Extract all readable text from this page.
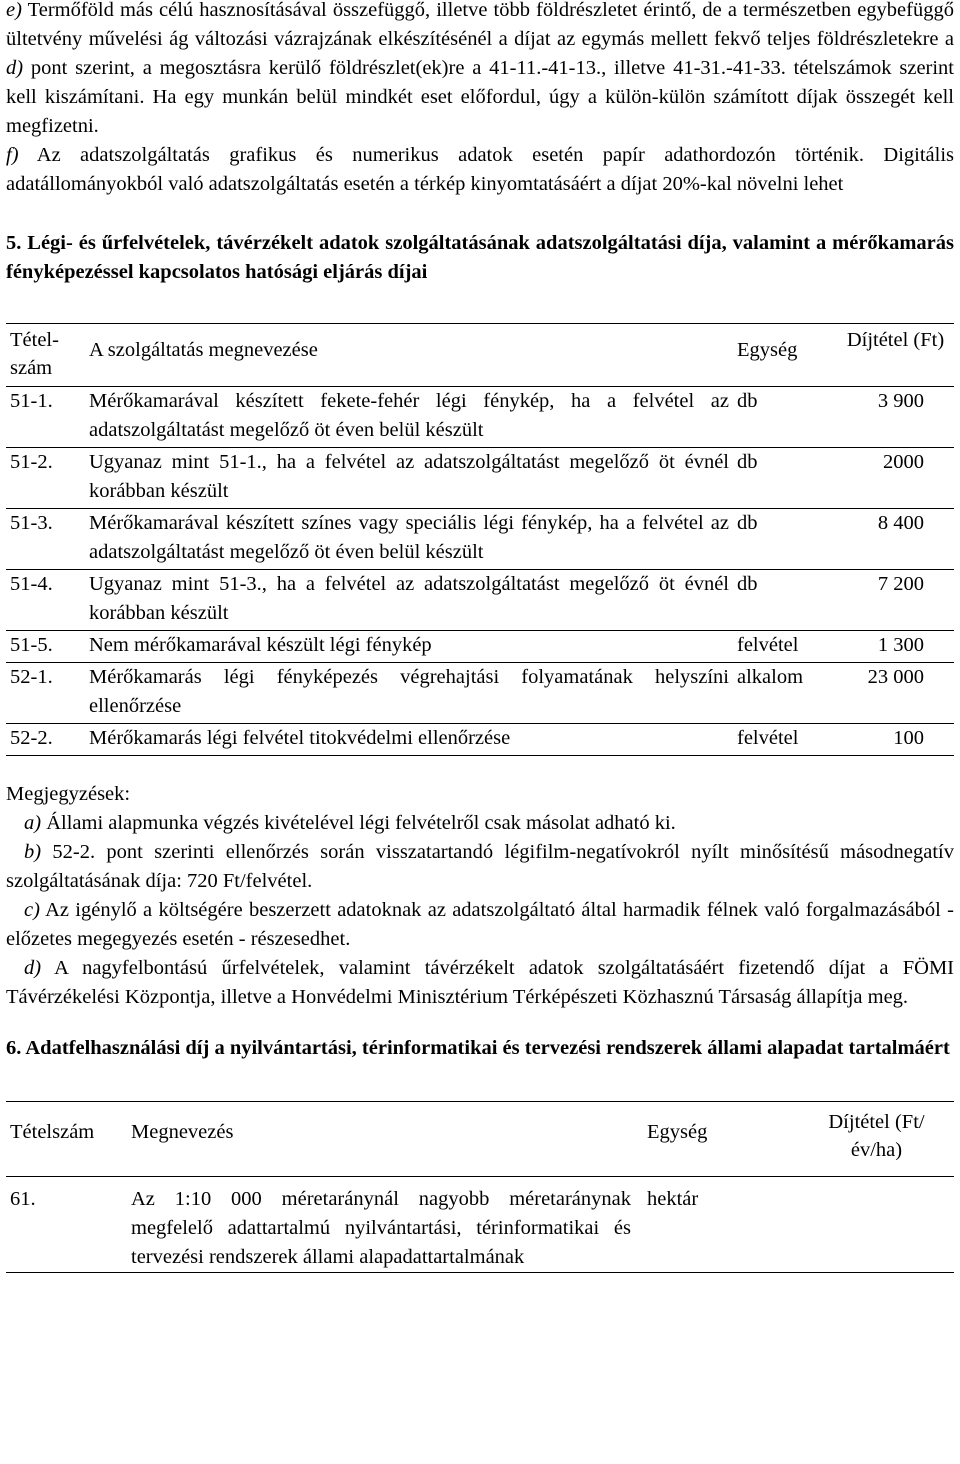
e) Termőföld más célú hasznosításával összefüggő, illetve több földrészletet érintő, de a természetben egybefüggő ültetvény művelési ág változási vázrajzának elkészítésénél a díjat az egymás mellett fekvő teljes földrészletekre a d) pont szerint, a megosztásra kerülő földrészlet(ek)re a 41-11.-41-13., illetve 41-31.-41-33. tételszámok szerint kell kiszámítani. Ha egy munkán belül mindkét eset előfordul, úgy a külön-külön számított díjak összegét kell megfizetni.

f) Az adatszolgáltatás grafikus és numerikus adatok esetén papír adathordozón történik. Digitális adatállományokból való adatszolgáltatás esetén a térkép kinyomtatásáért a díjat 20%-kal növelni lehet

5. Légi- és űrfelvételek, távérzékelt adatok szolgáltatásának adatszolgáltatási díja, valamint a mérőkamarás fényképezéssel kapcsolatos hatósági eljárás díjai

Tétel-szám	A szolgáltatás megnevezése	Egység	Díjtétel (Ft)
51-1.	Mérőkamarával készített fekete-fehér légi fénykép, ha a felvétel az adatszolgáltatást megelőző öt éven belül készült	db	3 900
51-2.	Ugyanaz mint 51-1., ha a felvétel az adatszolgáltatást megelőző öt évnél korábban készült	db	2000
51-3.	Mérőkamarával készített színes vagy speciális légi fénykép, ha a felvétel az adatszolgáltatást megelőző öt éven belül készült	db	8 400
51-4.	Ugyanaz mint 51-3., ha a felvétel az adatszolgáltatást megelőző öt évnél korábban készült	db	7 200
51-5.	Nem mérőkamarával készült légi fénykép	felvétel	1 300
52-1.	Mérőkamarás légi fényképezés végrehajtási folyamatának helyszíni ellenőrzése	alkalom	23 000
52-2.	Mérőkamarás légi felvétel titokvédelmi ellenőrzése	felvétel	100

Megjegyzések:

a) Állami alapmunka végzés kivételével légi felvételről csak másolat adható ki.

b) 52-2. pont szerinti ellenőrzés során visszatartandó légifilm-negatívokról nyílt minősítésű másodnegatív szolgáltatásának díja: 720 Ft/felvétel.

c) Az igénylő a költségére beszerzett adatoknak az adatszolgáltató által harmadik félnek való forgalmazásából - előzetes megegyezés esetén - részesedhet.

d) A nagyfelbontású űrfelvételek, valamint távérzékelt adatok szolgáltatásáért fizetendő díjat a FÖMI Távérzékelési Központja, illetve a Honvédelmi Minisztérium Térképészeti Közhasznú Társaság állapítja meg.

6. Adatfelhasználási díj a nyilvántartási, térinformatikai és tervezési rendszerek állami alapadat tartalmáért

Tételszám	Megnevezés	Egység	Díjtétel (Ft/év/ha)
61.	Az 1:10 000 méretaránynál nagyobb méretaránynak megfelelő adattartalmú nyilvántartási, térinformatikai és tervezési rendszerek állami alapadattartalmának	hektár	
